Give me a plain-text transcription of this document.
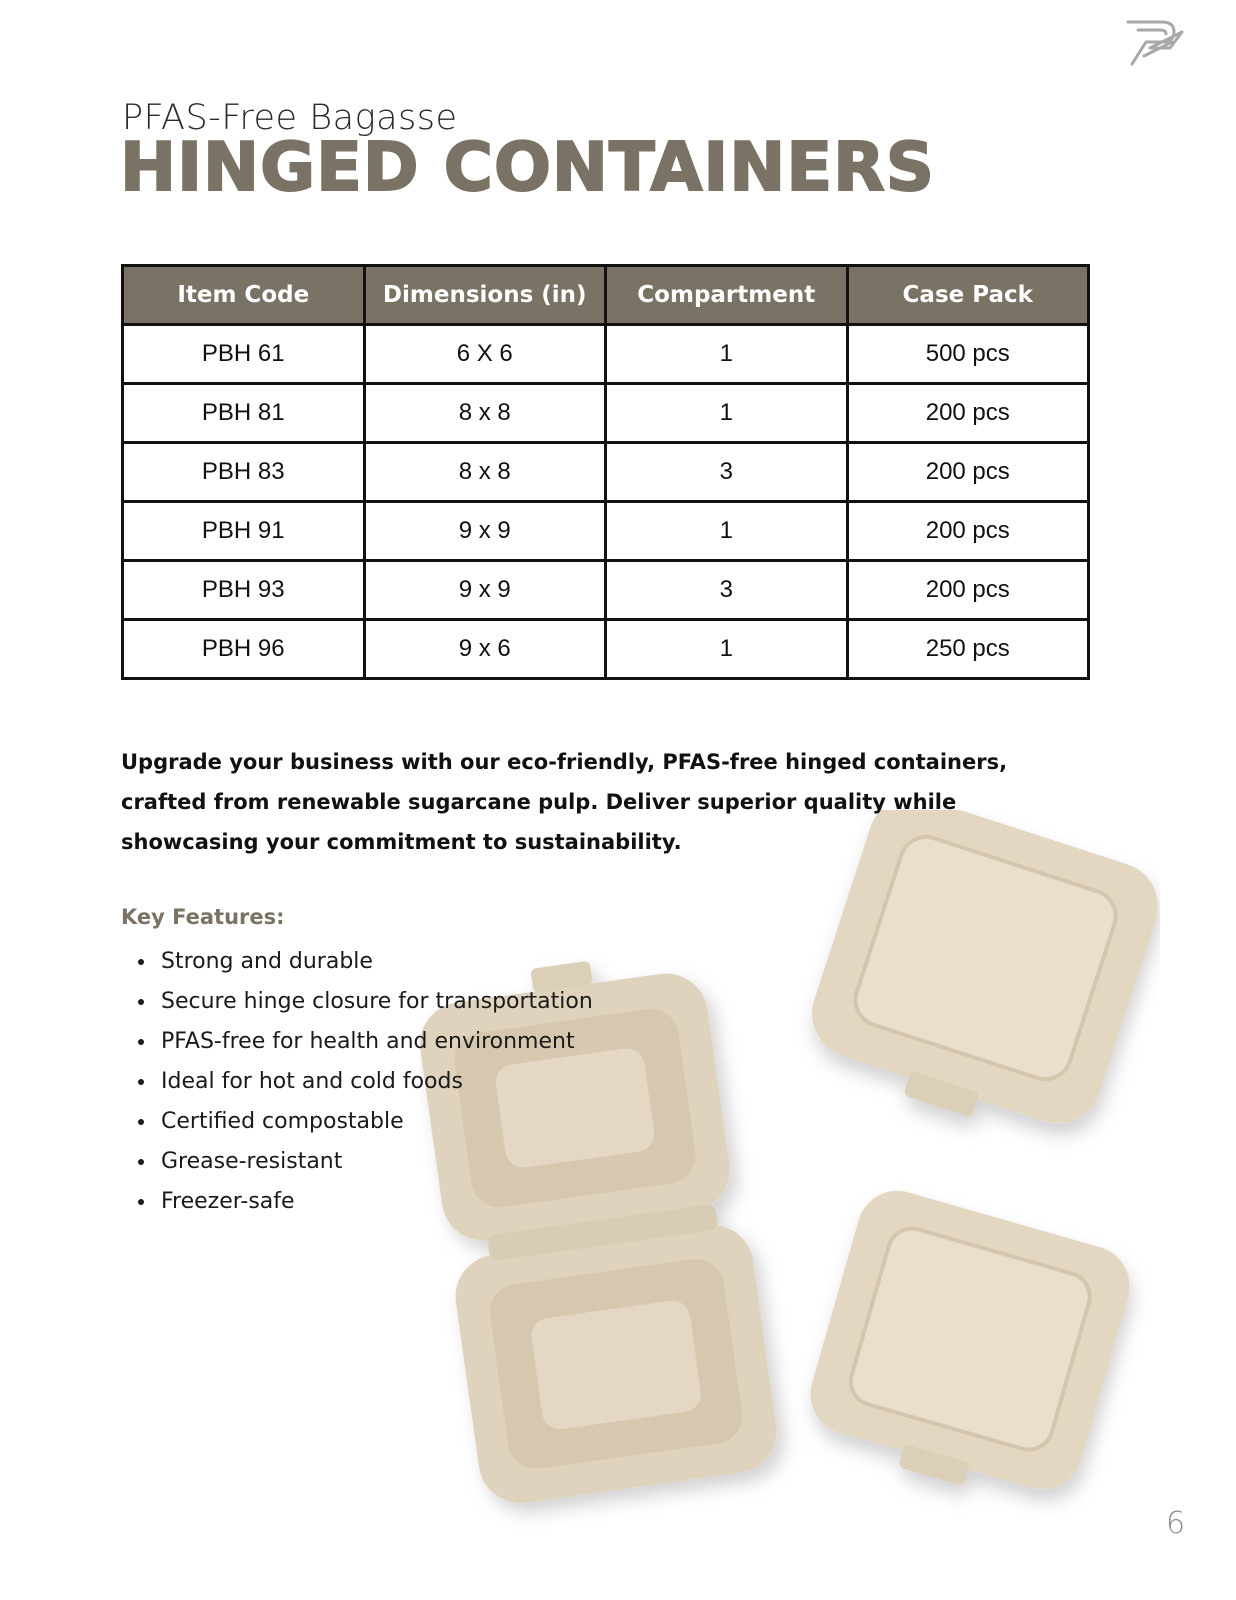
PFAS-Free Bagasse
HINGED CONTAINERS
Item Code	Dimensions (in)	Compartment	Case Pack
PBH 61	6 X 6	1	500 pcs
PBH 81	8 x 8	1	200 pcs
PBH 83	8 x 8	3	200 pcs
PBH 91	9 x 9	1	200 pcs
PBH 93	9 x 9	3	200 pcs
PBH 96	9 x 6	1	250 pcs
Upgrade your business with our eco-friendly, PFAS-free hinged containers, crafted from renewable sugarcane pulp. Deliver superior quality while showcasing your commitment to sustainability.
Key Features:
Strong and durable
Secure hinge closure for transportation
PFAS-free for health and environment
Ideal for hot and cold foods
Certified compostable
Grease-resistant
Freezer-safe
6
